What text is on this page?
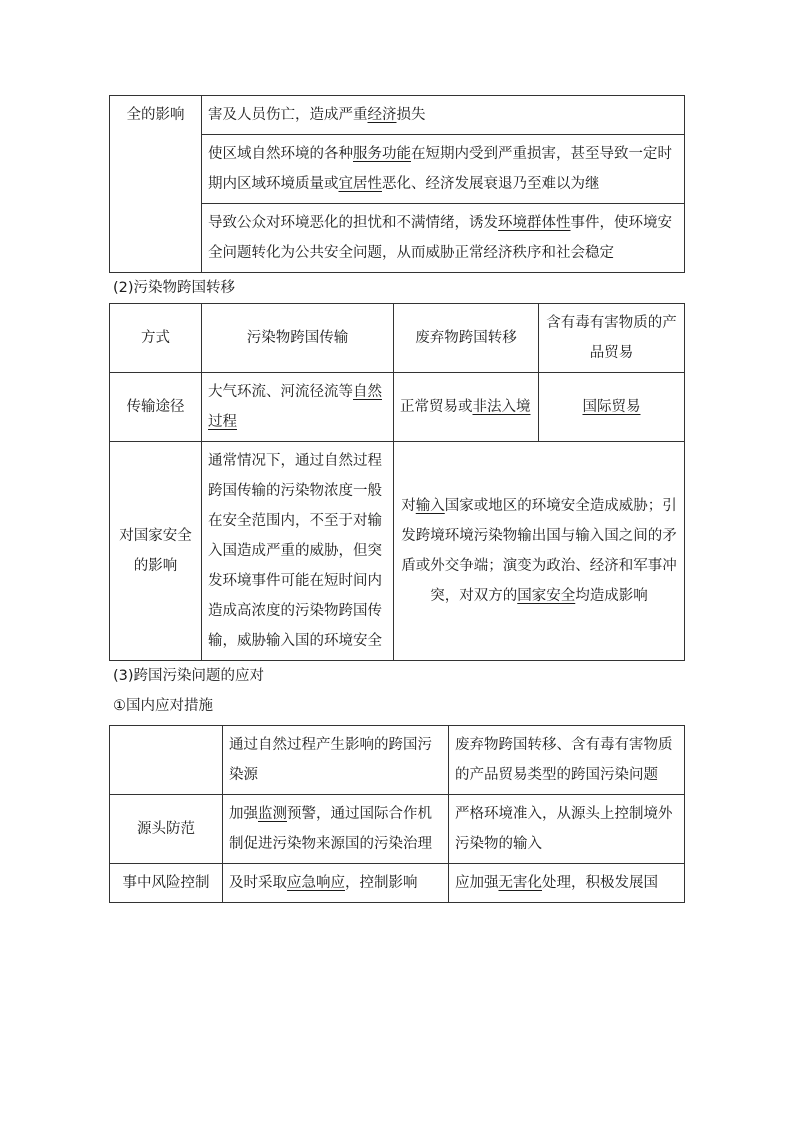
全的影响	害及人员伤亡，造成严重经济损失
使区域自然环境的各种服务功能在短期内受到严重损害，甚至导致一定时期内区域环境质量或宜居性恶化、经济发展衰退乃至难以为继
导致公众对环境恶化的担忧和不满情绪，诱发环境群体性事件，使环境安全问题转化为公共安全问题，从而威胁正常经济秩序和社会稳定
(2)污染物跨国转移
方式	污染物跨国传输	废弃物跨国转移	含有毒有害物质的产品贸易
传输途径	大气环流、河流径流等自然过程	正常贸易或非法入境	国际贸易
对国家安全的影响	通常情况下，通过自然过程跨国传输的污染物浓度一般在安全范围内，不至于对输入国造成严重的威胁，但突发环境事件可能在短时间内造成高浓度的污染物跨国传输，威胁输入国的环境安全	对输入国家或地区的环境安全造成威胁；引发跨境环境污染物输出国与输入国之间的矛盾或外交争端；演变为政治、经济和军事冲突，对双方的国家安全均造成影响	
(3)跨国污染问题的应对
①国内应对措施
	通过自然过程产生影响的跨国污染源	废弃物跨国转移、含有毒有害物质的产品贸易类型的跨国污染问题
源头防范	加强监测预警，通过国际合作机制促进污染物来源国的污染治理	严格环境准入，从源头上控制境外污染物的输入
事中风险控制	及时采取应急响应，控制影响	应加强无害化处理，积极发展国
